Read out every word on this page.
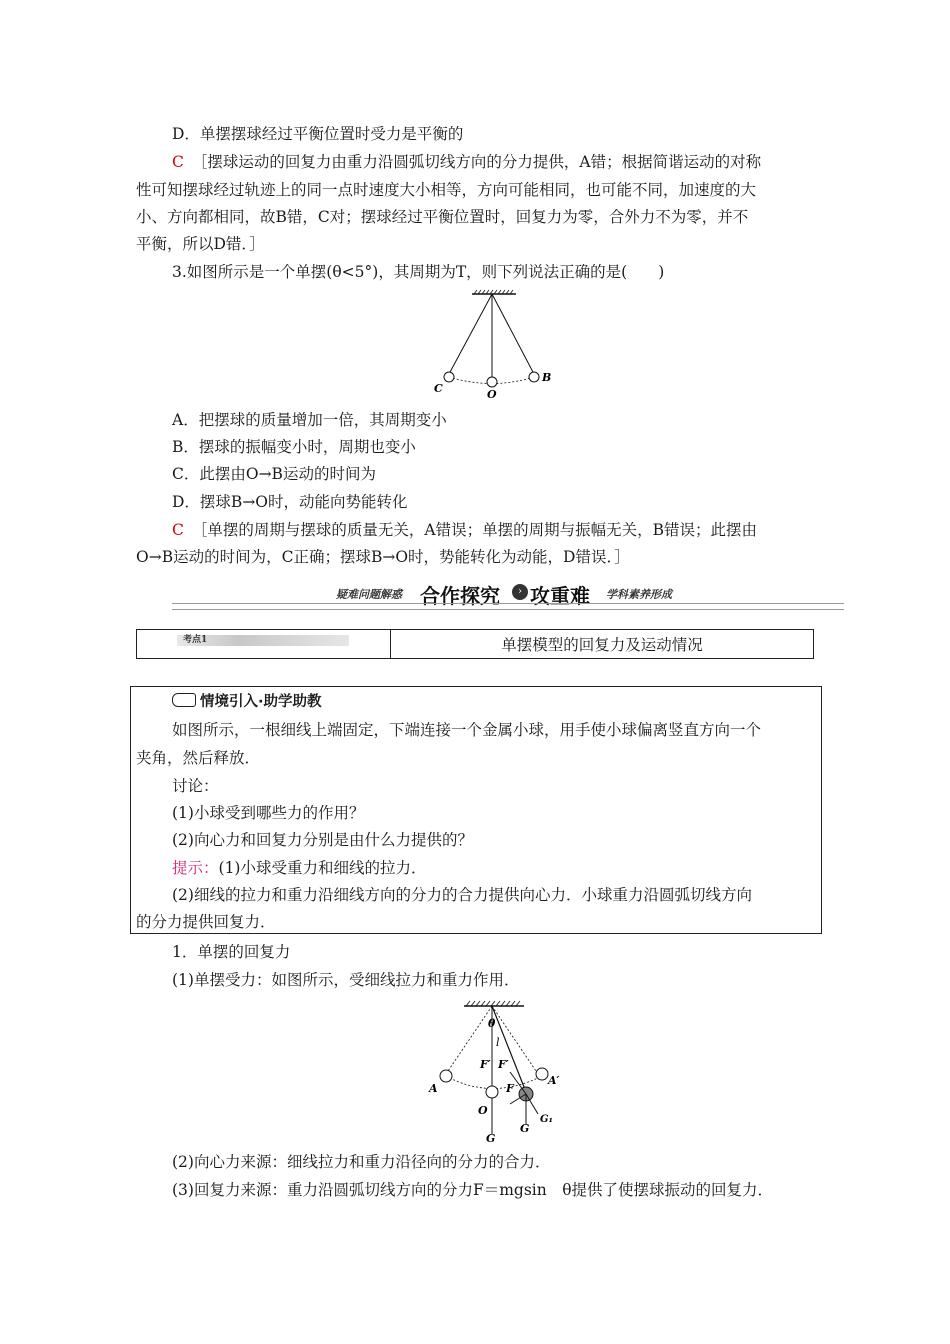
D．单摆摆球经过平衡位置时受力是平衡的
C ［摆球运动的回复力由重力沿圆弧切线方向的分力提供，A错；根据简谐运动的对称
性可知摆球经过轨迹上的同一点时速度大小相等，方向可能相同，也可能不同，加速度的大
小、方向都相同，故B错，C对；摆球经过平衡位置时，回复力为零，合外力不为零，并不
平衡，所以D错．］
3.如图所示是一个单摆(θ<5°)，其周期为T，则下列说法正确的是(　　)
C	O
B
A．把摆球的质量增加一倍，其周期变小
B．摆球的振幅变小时，周期也变小
C．此摆由O→B运动的时间为
D．摆球B→O时，动能向势能转化
C ［单摆的周期与摆球的质量无关，A错误；单摆的周期与振幅无关，B错误；此摆由
O→B运动的时间为，C正确；摆球B→O时，势能转化为动能，D错误．］
疑难问题解惑 合作探究	› 攻重难 学科素养形成
考点1	单摆模型的回复力及运动情况
情境引入·助学助教
如图所示，一根细线上端固定，下端连接一个金属小球，用手使小球偏离竖直方向一个
夹角，然后释放．
讨论：
(1)小球受到哪些力的作用？
(2)向心力和回复力分别是由什么力提供的？
提示：(1)小球受重力和细线的拉力．
(2)细线的拉力和重力沿细线方向的分力的合力提供向心力．小球重力沿圆弧切线方向
的分力提供回复力．
1．单摆的回复力
(1)单摆受力：如图所示，受细线拉力和重力作用．
θ
l
F′ F′
A
A′
F
O
G
G
G₁
(2)向心力来源：细线拉力和重力沿径向的分力的合力．
(3)回复力来源：重力沿圆弧切线方向的分力F＝mgsin　θ提供了使摆球振动的回复力．
